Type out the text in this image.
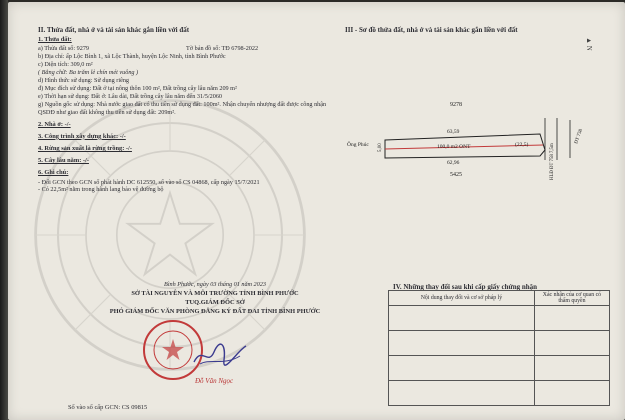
II. Thửa đất, nhà ở và tài sản khác gắn liền với đất
1. Thửa đất:
a) Thửa đất số: 9279	Tờ bản đồ số: TĐ 6798-2022
b) Địa chỉ: ấp Lộc Bình 1, xã Lộc Thành, huyện Lộc Ninh, tỉnh Bình Phước
c) Diện tích: 309,0 m²
( Bằng chữ: Ba trăm lẻ chín mét vuông )
d) Hình thức sử dụng: Sử dụng riêng
đ) Mục đích sử dụng: Đất ở tại nông thôn 100 m², Đất trồng cây lâu năm 209 m²
e) Thời hạn sử dụng: Đất ở: Lâu dài, Đất trồng cây lâu năm đến 31/5/2060
g) Nguồn gốc sử dụng: Nhà nước giao đất có thu tiền sử dụng đất: 100m². Nhận chuyển nhượng đất được công nhận QSDĐ như giao đất không thu tiền sử dụng đất: 209m².
2. Nhà ở: -/-
3. Công trình xây dựng khác: -/-
4. Rừng sản xuất là rừng trồng: -/-
5. Cây lâu năm: -/-
6. Ghi chú:
- Đổi GCN theo GCN số phát hành DC 612550, số vào sổ CS 04868, cấp ngày 15/7/2021
- Có 22,5m² nằm trong hành lang bảo vệ đường bộ
Bình Phước, ngày 03 tháng 01 năm 2023
SỞ TÀI NGUYÊN VÀ MÔI TRƯỜNG TỈNH BÌNH PHƯỚC
TUQ.GIÁM ĐỐC SỞ
PHÓ GIÁM ĐỐC VĂN PHÒNG ĐĂNG KÝ ĐẤT ĐAI TỈNH BÌNH PHƯỚC
Đỗ Văn Ngọc
Số vào sổ cấp GCN: CS 09815
III - Sơ đồ thửa đất, nhà ở và tài sản khác gắn liền với đất
▲ N
9278
63,59
100,0 m2 ONT	(22,5)
62,96
5425
Ông Phúc 5,00	HLĐ ĐT 758 7,5m
ĐT 758
IV. Những thay đổi sau khi cấp giấy chứng nhận
Nội dung thay đổi và cơ sở pháp lý	Xác nhận của cơ quan có thẩm quyền
